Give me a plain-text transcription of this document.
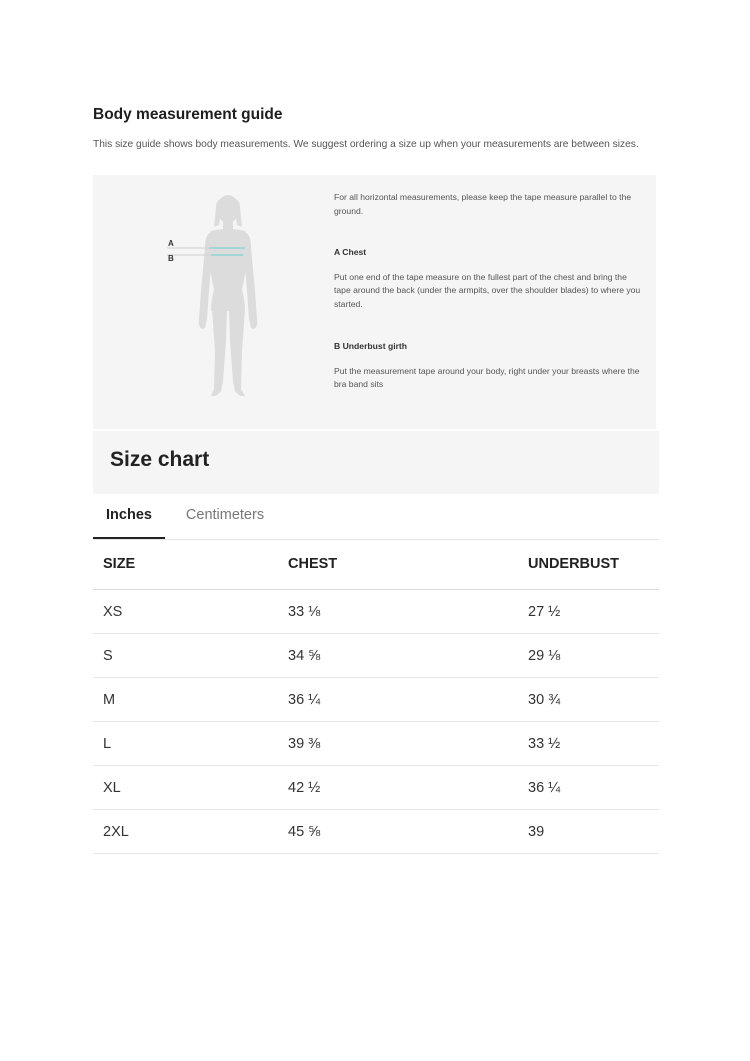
Body measurement guide

This size guide shows body measurements. We suggest ordering a size up when your measurements are between sizes.

A
B

For all horizontal measurements, please keep the tape measure parallel to the ground.

A Chest

Put one end of the tape measure on the fullest part of the chest and bring the tape around the back (under the armpits, over the shoulder blades) to where you started.

B Underbust girth

Put the measurement tape around your body, right under your breasts where the bra band sits

Size chart
Inches	Centimeters
SIZE	CHEST	UNDERBUST
XS	33 ⅛	27 ½
S	34 ⅝	29 ⅛
M	36 ¼	30 ¾
L	39 ⅜	33 ½
XL	42 ½	36 ¼
2XL	45 ⅝	39
